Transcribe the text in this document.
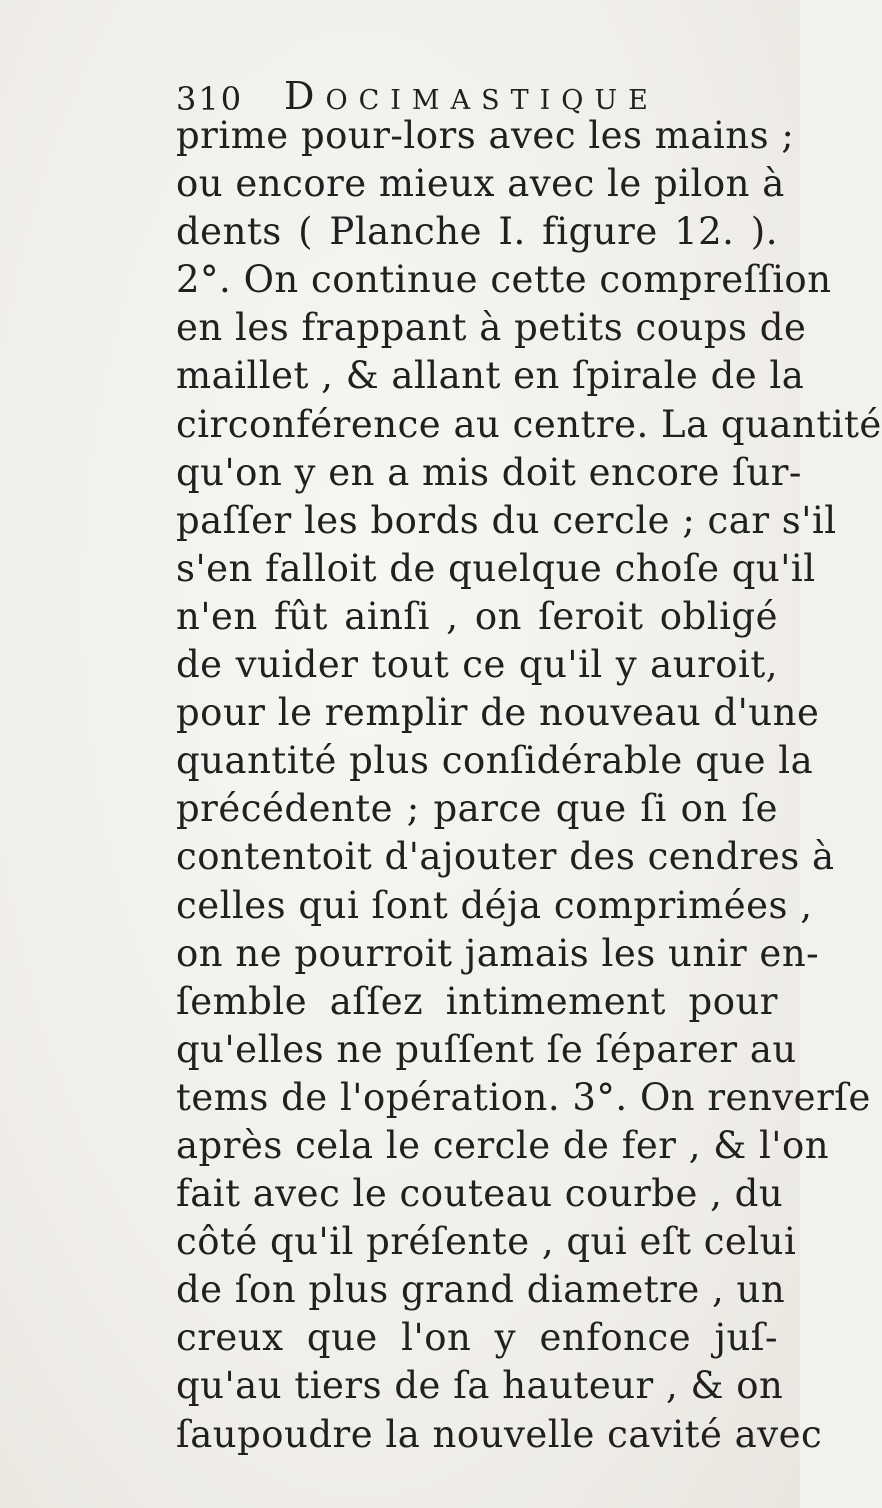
310 Docimastique
prime pour-lors avec les mains ;
ou encore mieux avec le pilon à
dents ( Planche I. figure 12. ).
2°. On continue cette compreſſion
en les frappant à petits coups de
maillet , & allant en ſpirale de la
circonférence au centre. La quantité
qu'on y en a mis doit encore ſur-
paſſer les bords du cercle ; car s'il
s'en falloit de quelque choſe qu'il
n'en fût ainſi , on ſeroit obligé
de vuider tout ce qu'il y auroit,
pour le remplir de nouveau d'une
quantité plus conſidérable que la
précédente ; parce que ſi on ſe
contentoit d'ajouter des cendres à
celles qui ſont déja comprimées ,
on ne pourroit jamais les unir en-
ſemble aſſez intimement pour
qu'elles ne puſſent ſe ſéparer au
tems de l'opération. 3°. On renverſe
après cela le cercle de fer , & l'on
fait avec le couteau courbe , du
côté qu'il préſente , qui eſt celui
de ſon plus grand diametre , un
creux que l'on y enfonce juſ-
qu'au tiers de ſa hauteur , & on
ſaupoudre la nouvelle cavité avec
